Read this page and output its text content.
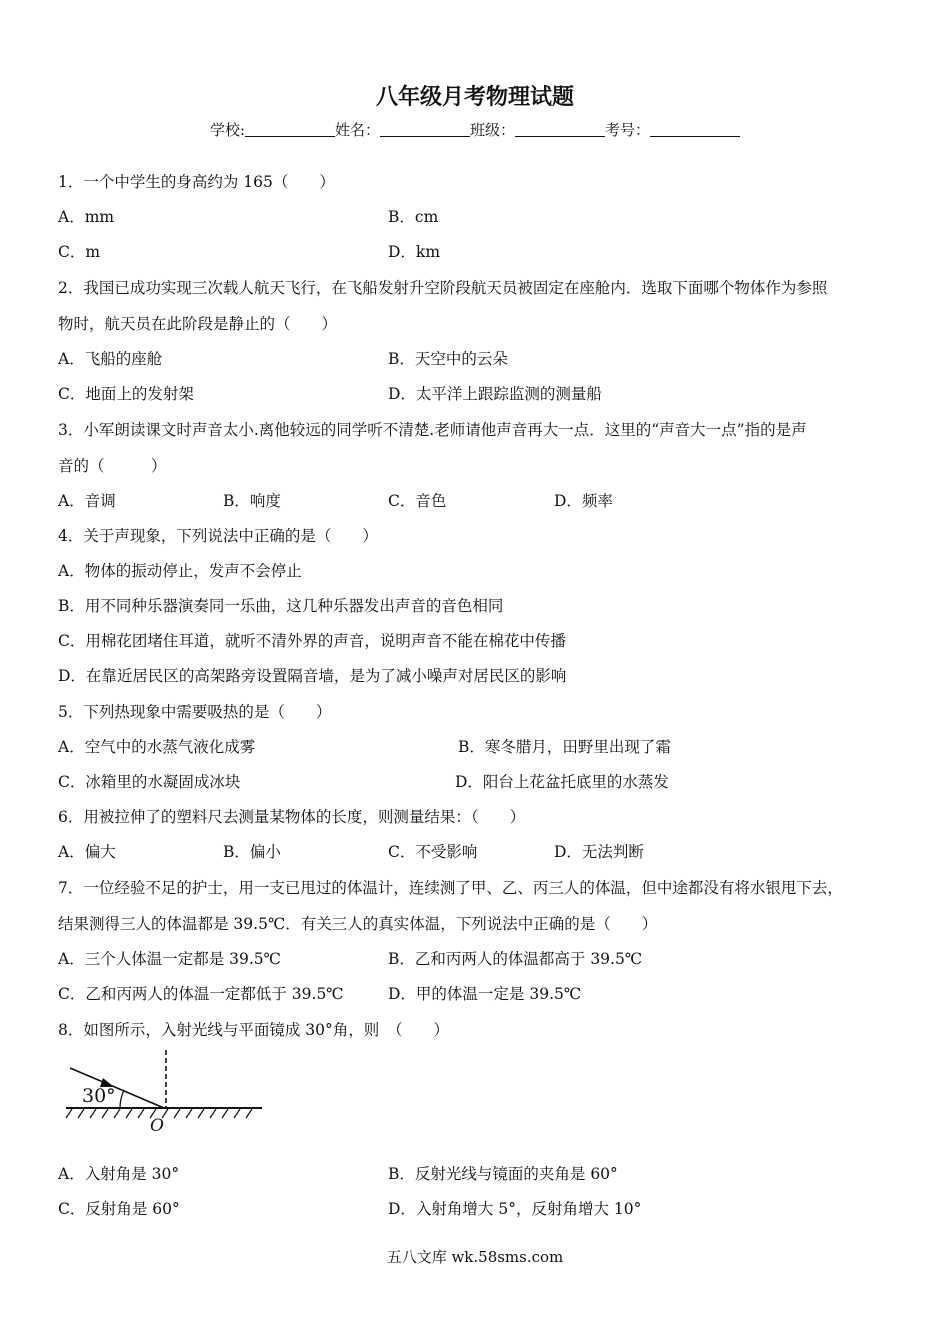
八年级月考物理试题
学校:	姓名：	班级：	考号：
1．一个中学生的身高约为 165（　　）
A．mm	B．cm
C．m	D．km
2．我国已成功实现三次载人航天飞行，在飞船发射升空阶段航天员被固定在座舱内．选取下面哪个物体作为参照
物时，航天员在此阶段是静止的（　　）
A．飞船的座舱	B．天空中的云朵
C．地面上的发射架	D．太平洋上跟踪监测的测量船
3．小军朗读课文时声音太小.离他较远的同学听不清楚.老师请他声音再大一点．这里的“声音大一点”指的是声
音的（　　　）
A．音调	B．响度	C．音色	D．频率
4．关于声现象，下列说法中正确的是（　　）
A．物体的振动停止，发声不会停止
B．用不同种乐器演奏同一乐曲，这几种乐器发出声音的音色相同
C．用棉花团堵住耳道，就听不清外界的声音，说明声音不能在棉花中传播
D．在靠近居民区的高架路旁设置隔音墙，是为了减小噪声对居民区的影响
5．下列热现象中需要吸热的是（　　）
A．空气中的水蒸气液化成雾	B．寒冬腊月，田野里出现了霜
C．冰箱里的水凝固成冰块	D．阳台上花盆托底里的水蒸发
6．用被拉伸了的塑料尺去测量某物体的长度，则测量结果：（　　）
A．偏大	B．偏小	C．不受影响	D．无法判断
7．一位经验不足的护士，用一支已甩过的体温计，连续测了甲、乙、丙三人的体温，但中途都没有将水银甩下去，
结果测得三人的体温都是 39.5℃．有关三人的真实体温，下列说法中正确的是（　　）
A．三个人体温一定都是 39.5℃	B．乙和丙两人的体温都高于 39.5℃
C．乙和丙两人的体温一定都低于 39.5℃	D．甲的体温一定是 39.5℃
8．如图所示，入射光线与平面镜成 30°角，则　（　　）
30°
O
A．入射角是 30°	B．反射光线与镜面的夹角是 60°
C．反射角是 60°	D．入射角增大 5°，反射角增大 10°
五八文库 wk.58sms.com
